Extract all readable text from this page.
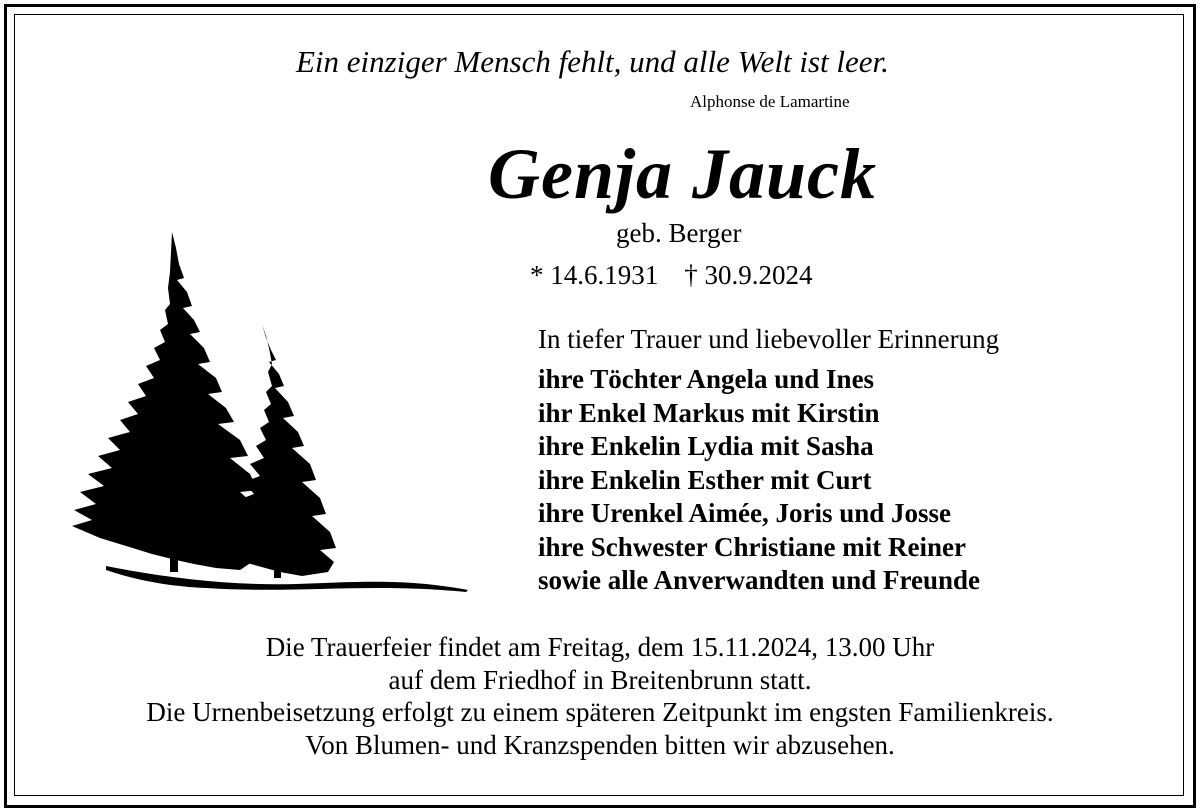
Ein einziger Mensch fehlt, und alle Welt ist leer.
Alphonse de Lamartine
Genja Jauck
geb. Berger
* 14.6.1931 † 30.9.2024
In tiefer Trauer und liebevoller Erinnerung
ihre Töchter Angela und Ines
ihr Enkel Markus mit Kirstin
ihre Enkelin Lydia mit Sasha
ihre Enkelin Esther mit Curt
ihre Urenkel Aimée, Joris und Josse
ihre Schwester Christiane mit Reiner
sowie alle Anverwandten und Freunde
Die Trauerfeier findet am Freitag, dem 15.11.2024, 13.00 Uhr
auf dem Friedhof in Breitenbrunn statt.
Die Urnenbeisetzung erfolgt zu einem späteren Zeitpunkt im engsten Familienkreis.
Von Blumen- und Kranzspenden bitten wir abzusehen.
